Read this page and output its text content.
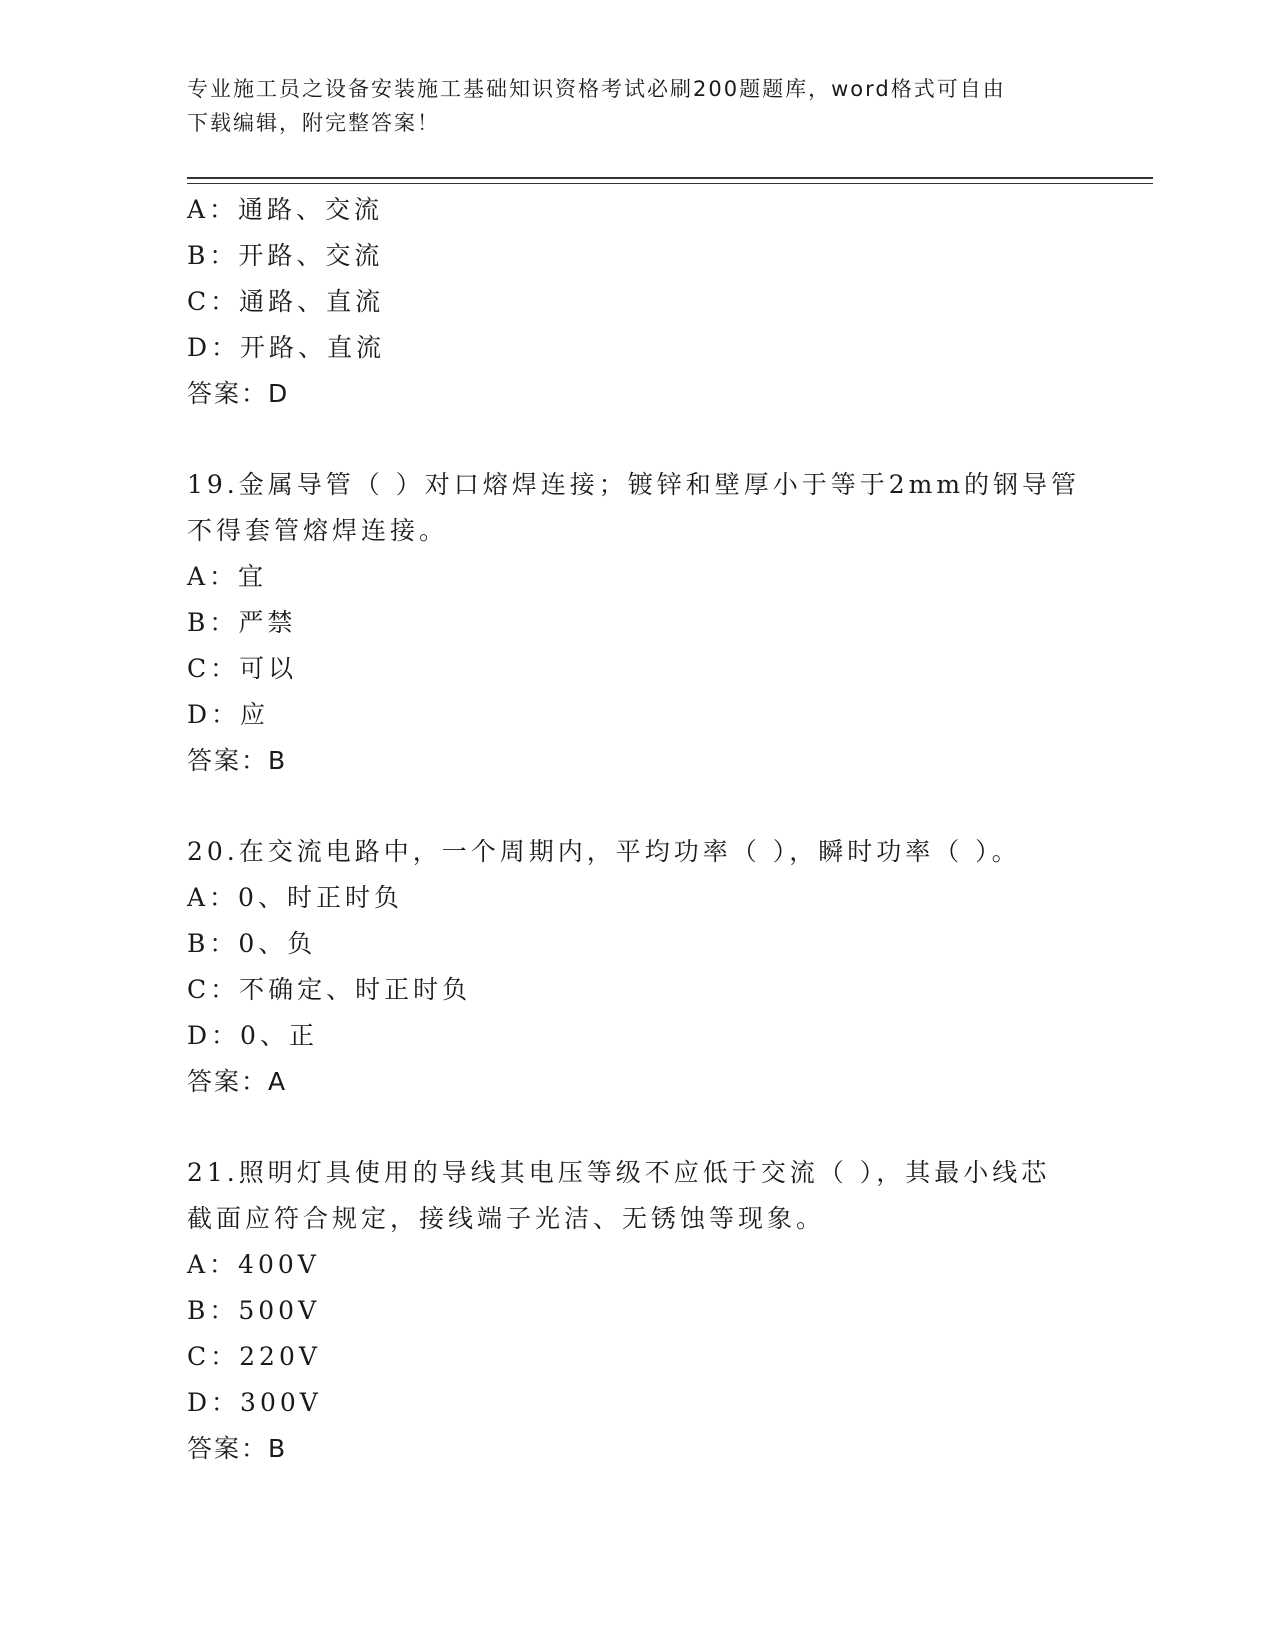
专业施工员之设备安装施工基础知识资格考试必刷200题题库，word格式可自由
下载编辑，附完整答案！
A：通路、交流
B：开路、交流
C：通路、直流
D：开路、直流
答案：D
19.金属导管（ ）对口熔焊连接；镀锌和壁厚小于等于2mm的钢导管
不得套管熔焊连接。
A：宜
B：严禁
C：可以
D：应
答案：B
20.在交流电路中，一个周期内，平均功率（ ），瞬时功率（ ）。
A：0、时正时负
B：0、负
C：不确定、时正时负
D：0、正
答案：A
21.照明灯具使用的导线其电压等级不应低于交流（ ），其最小线芯
截面应符合规定，接线端子光洁、无锈蚀等现象。
A：400V
B：500V
C：220V
D：300V
答案：B
